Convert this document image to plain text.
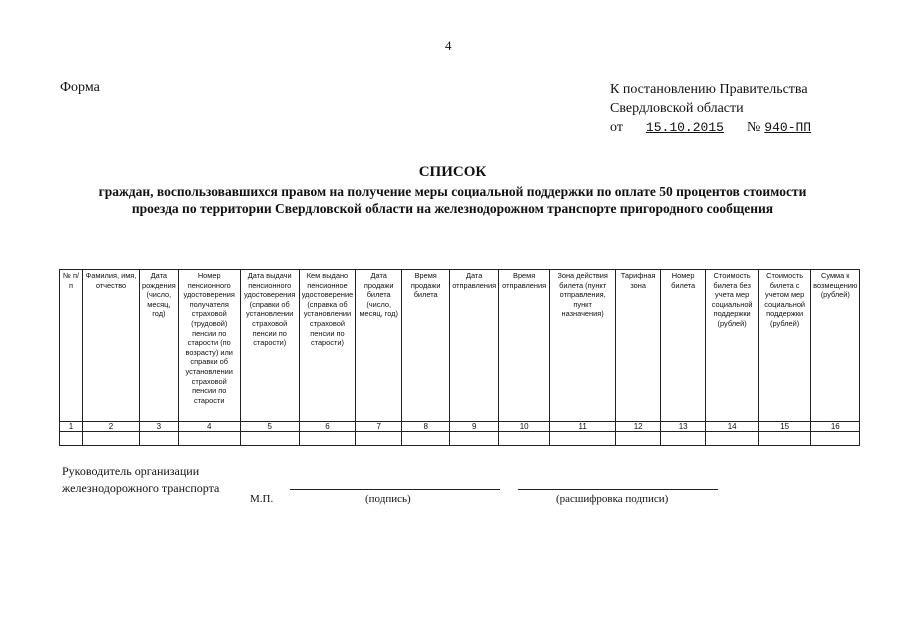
4
Форма	К постановлению Правительства
Свердловской области
от 15.10.2015 № 940-ПП
СПИСОК
граждан, воспользовавшихся правом на получение меры социальной поддержки по оплате 50 процентов стоимости проезда по территории Свердловской области на железнодорожном транспорте пригородного сообщения
№ п/п	Фамилия, имя, отчество	Дата рождения (число, месяц, год)	Номер пенсионного удостоверения получателя страховой (трудовой) пенсии по старости (по возрасту) или справки об установлении страховой пенсии по старости	Дата выдачи пенсионного удостоверения (справки об установлении страховой пенсии по старости)	Кем выдано пенсионное удостоверение (справка об установлении страховой пенсии по старости)	Дата продажи билета (число, месяц, год)	Время продажи билета	Дата отправления	Время отправления	Зона действия билета (пункт отправления, пункт назначения)	Тарифная зона	Номер билета	Стоимость билета без учета мер социальной поддержки (рублей)	Стоимость билета с учетом мер социальной поддержки (рублей)	Сумма к возмещению (рублей)
1	2	3	4	5	6	7	8	9	10	11	12	13	14	15	16

Руководитель организации
железнодорожного транспорта
М.П.	(подпись)	(расшифровка подписи)
